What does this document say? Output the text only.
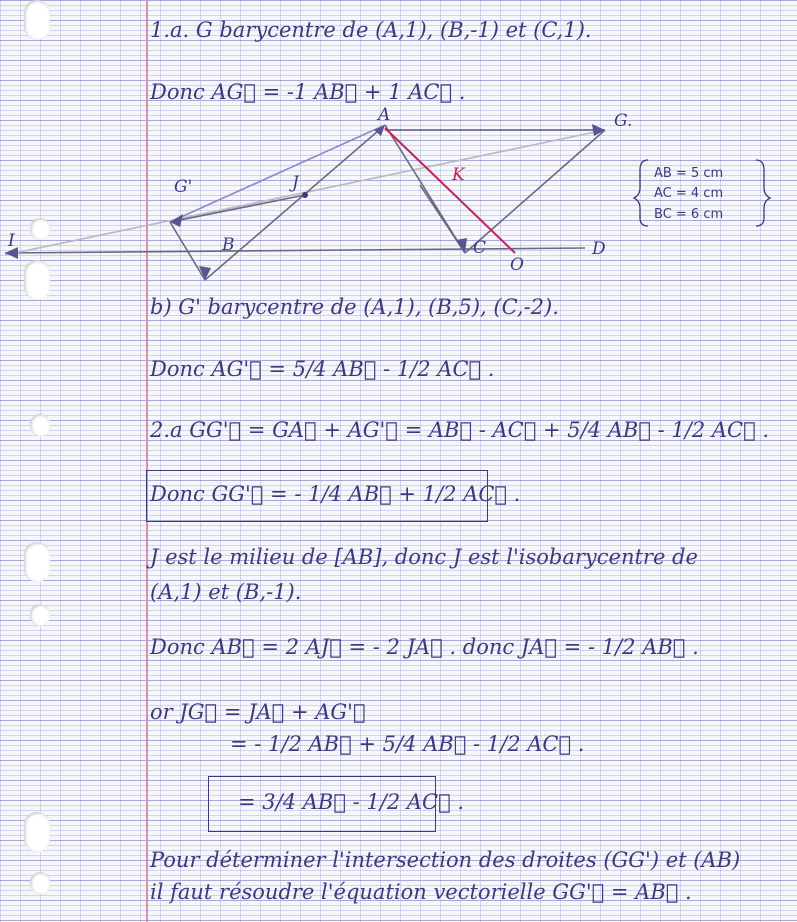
1.a. G barycentre de (A,1), (B,-1) et (C,1).
Donc AG⃗ = -1 AB⃗ + 1 AC⃗ .
A	G.
G'	J	K
B	C
O
D
I
AB = 5 cm
AC = 4 cm
BC = 6 cm
b) G' barycentre de (A,1), (B,5), (C,-2).
Donc AG'⃗ = 5/4 AB⃗ - 1/2 AC⃗ .
2.a GG'⃗ = GA⃗ + AG'⃗ = AB⃗ - AC⃗ + 5/4 AB⃗ - 1/2 AC⃗ .
Donc GG'⃗ = - 1/4 AB⃗ + 1/2 AC⃗ .
J est le milieu de [AB], donc J est l'isobarycentre de
(A,1) et (B,-1).
Donc AB⃗ = 2 AJ⃗ = - 2 JA⃗ . donc JA⃗ = - 1/2 AB⃗ .
or JG⃗ = JA⃗ + AG'⃗
= - 1/2 AB⃗ + 5/4 AB⃗ - 1/2 AC⃗ .
= 3/4 AB⃗ - 1/2 AC⃗ .
Pour déterminer l'intersection des droites (GG') et (AB)
il faut résoudre l'équation vectorielle GG'⃗ = AB⃗ .
